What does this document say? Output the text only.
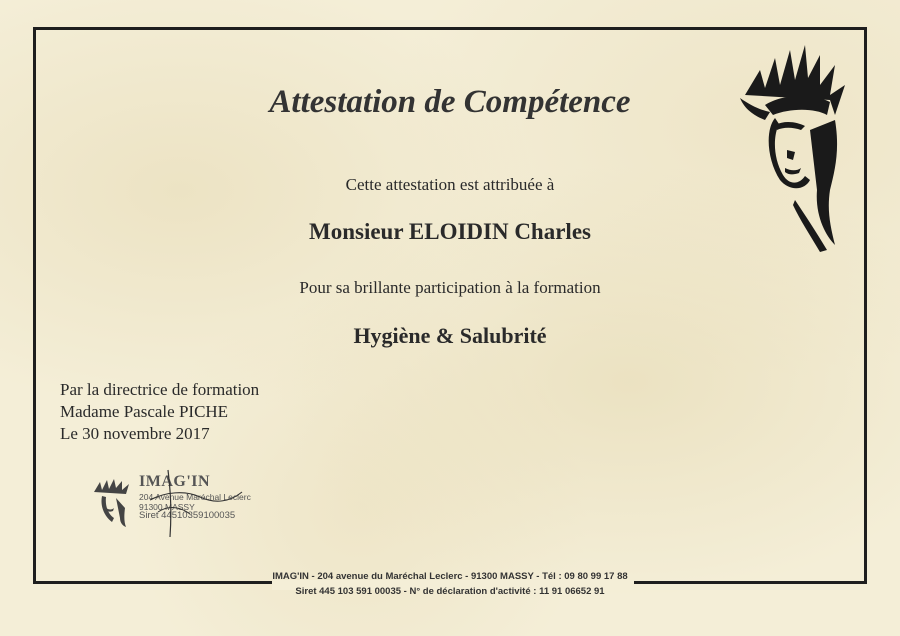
Attestation de Compétence
Cette attestation est attribuée à
Monsieur ELOIDIN Charles
Pour sa brillante participation à la formation
Hygiène & Salubrité
Par la directrice de formation
Madame Pascale PICHE
Le 30 novembre 2017
IMAG'IN
204 Avenue Maréchal Leclerc
91300 MASSY
Siret 44510359100035
IMAG'IN - 204 avenue du Maréchal Leclerc - 91300 MASSY - Tél : 09 80 99 17 88
Siret 445 103 591 00035 - N° de déclaration d'activité : 11 91 06652 91
